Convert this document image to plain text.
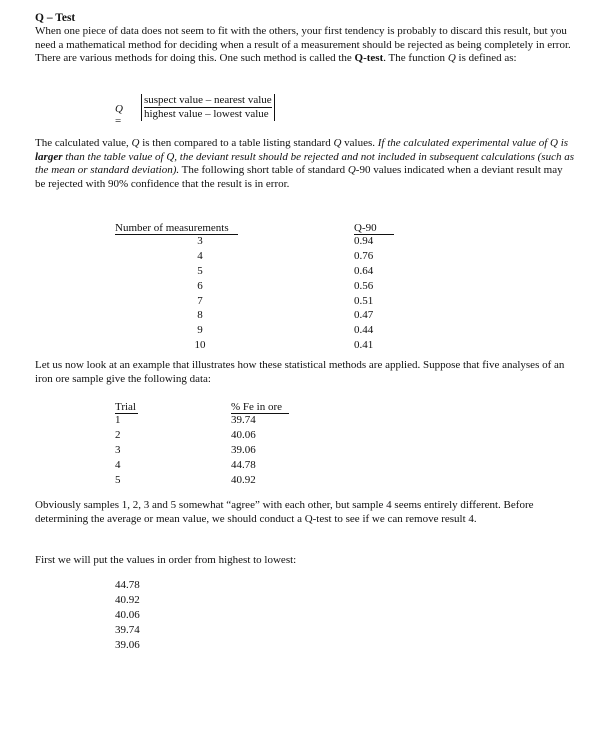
Q – Test

When one piece of data does not seem to fit with the others, your first tendency is probably to discard this result, but you need a mathematical method for deciding when a result of a measurement should be rejected as being completely in error. There are various methods for doing this. One such method is called the Q-test. The function Q is defined as:

Q =
suspect value – nearest value
highest value – lowest value

The calculated value, Q is then compared to a table listing standard Q values. If the calculated experimental value of Q is larger than the table value of Q, the deviant result should be rejected and not included in subsequent calculations (such as the mean or standard deviation). The following short table of standard Q-90 values indicated when a deviant result may be rejected with 90% confidence that the result is in error.

Number of measurements	Q-90
3	0.94
4	0.76
5	0.64
6	0.56
7	0.51
8	0.47
9	0.44
10	0.41

Let us now look at an example that illustrates how these statistical methods are applied. Suppose that five analyses of an iron ore sample give the following data:

Trial	% Fe in ore
1	39.74
2	40.06
3	39.06
4	44.78
5	40.92

Obviously samples 1, 2, 3 and 5 somewhat “agree” with each other, but sample 4 seems entirely different. Before determining the average or mean value, we should conduct a Q-test to see if we can remove result 4.

First we will put the values in order from highest to lowest:

44.78
40.92
40.06
39.74
39.06
